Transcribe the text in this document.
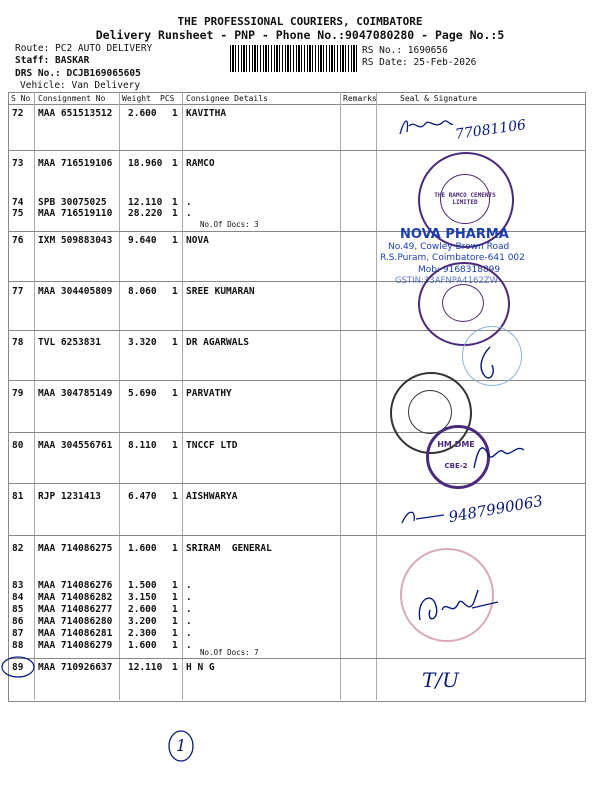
THE PROFESSIONAL COURIERS, COIMBATORE
Delivery Runsheet - PNP - Phone No.:9047080280 - Page No.:5
Route: PC2 AUTO DELIVERY
Staff: BASKAR
DRS No.: DCJB169065605
Vehicle: Van Delivery
RS No.: 1690656
RS Date: 25-Feb-2026
S No Consignment No Weight PCS Consignee Details	Remarks	Seal & Signature
72 MAA 651513512 2.600 1 KAVITHA
73 MAA 716519106 18.960 1 RAMCO
74 SPB 30075025 12.110 1 .
75 MAA 716519110 28.220 1 .
No.Of Docs: 3
76 IXM 509883043 9.640 1 NOVA
77 MAA 304405809 8.060 1 SREE KUMARAN
78 TVL 6253831	3.320 1 DR AGARWALS
79 MAA 304785149 5.690 1 PARVATHY
80 MAA 304556761 8.110 1 TNCCF LTD
81 RJP 1231413	6.470 1 AISHWARYA
82 MAA 714086275 1.600 1 SRIRAM  GENERAL
83 MAA 714086276 1.500 1 .
84 MAA 714086282 3.150 1 .
85 MAA 714086277 2.600 1 .
86 MAA 714086280 3.200 1 .
87 MAA 714086281 2.300 1 .
88 MAA 714086279 1.600 1 .
No.Of Docs: 7
89 MAA 710926637 12.110 1 H N G
77081106
THE RAMCO CEMENTS LIMITED
NOVA PHARMA
No.49, Cowley Brown Road
R.S.Puram, Coimbatore-641 002
Mob: 9168318899
GSTIN:33AFNPA4162ZW
HM DME
CBE-2
9487990063
T/U
1
